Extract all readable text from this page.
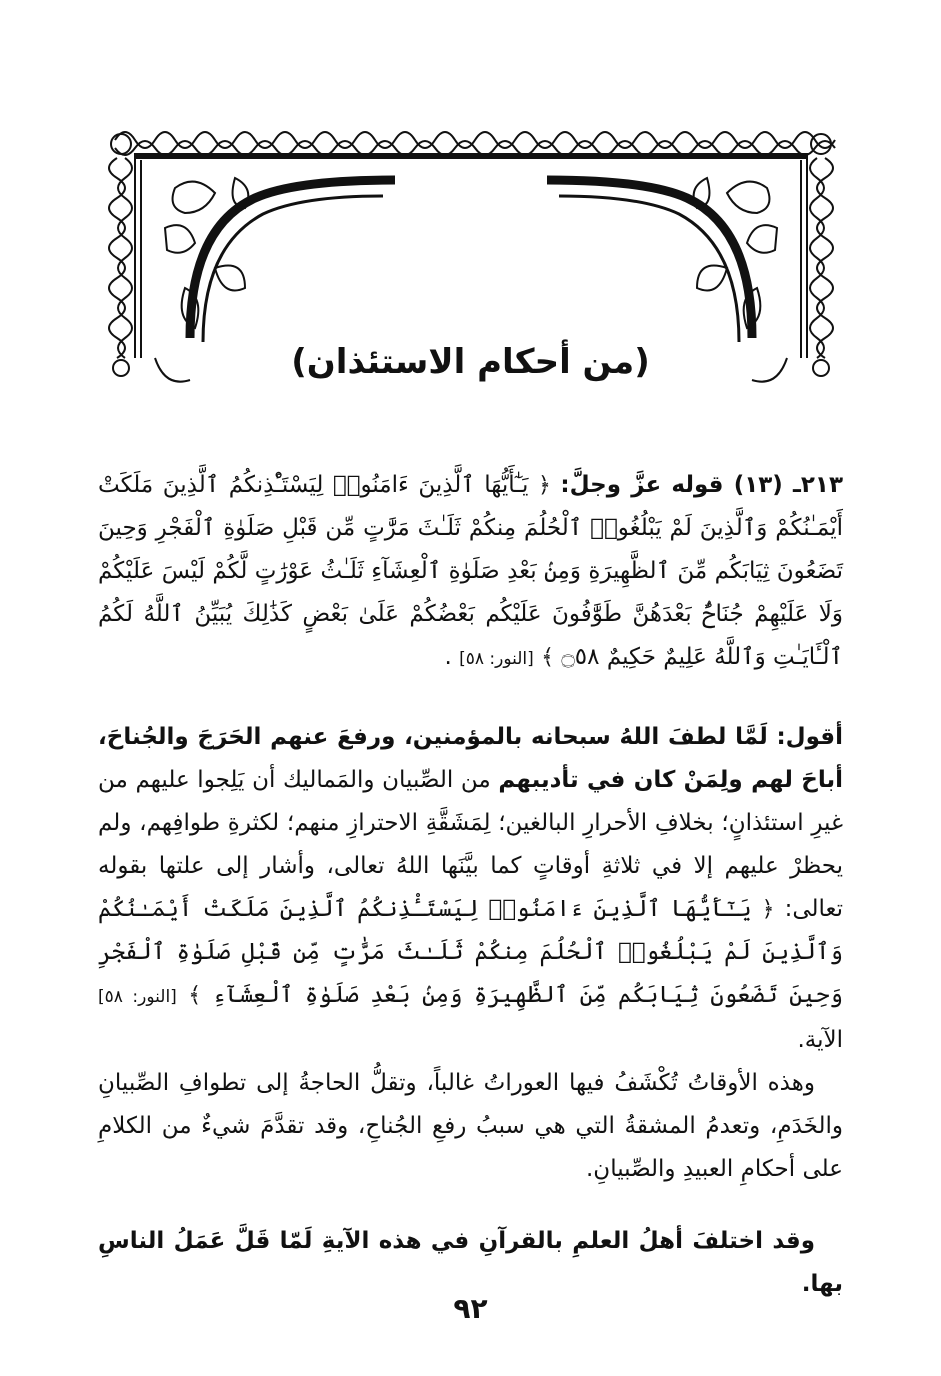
(من أحكام الاستئذان)
٢١٣ـ (١٣) قوله عزَّ وجلَّ: ﴿ يَـٰٓأَيُّهَا ٱلَّذِينَ ءَامَنُوا۟ لِيَسْتَـْٔذِنكُمُ ٱلَّذِينَ مَلَكَتْ أَيْمَـٰنُكُمْ وَٱلَّذِينَ لَمْ يَبْلُغُوا۟ ٱلْحُلُمَ مِنكُمْ ثَلَـٰثَ مَرَّٰتٍ مِّن قَبْلِ صَلَوٰةِ ٱلْفَجْرِ وَحِينَ تَضَعُونَ ثِيَابَكُم مِّنَ ٱلظَّهِيرَةِ وَمِنۢ بَعْدِ صَلَوٰةِ ٱلْعِشَآءِ ثَلَـٰثُ عَوْرَٰتٍ لَّكُمْ لَيْسَ عَلَيْكُمْ وَلَا عَلَيْهِمْ جُنَاحٌۢ بَعْدَهُنَّ طَوَّٰفُونَ عَلَيْكُم بَعْضُكُمْ عَلَىٰ بَعْضٍ كَذَٰلِكَ يُبَيِّنُ ٱللَّهُ لَكُمُ ٱلْـَٔايَـٰتِ وَٱللَّهُ عَلِيمٌ حَكِيمٌ ۝٥٨ ﴾ [النور: ٥٨] .
أقول: لَمَّا لطفَ اللهُ سبحانه بالمؤمنين، ورفعَ عنهم الحَرَجَ والجُناحَ، أباحَ لهم ولِمَنْ كان في تأديبهم من الصِّبيان والمَماليك أن يَلِجوا عليهم من غيرِ استئذانٍ؛ بخلافِ الأحرارِ البالغين؛ لِمَشَقَّةِ الاحترازِ منهم؛ لكثرةِ طوافِهم، ولم يحظرْ عليهم إلا في ثلاثةِ أوقاتٍ كما بيَّنَها اللهُ تعالى، وأشار إلى علتها بقوله تعالى: ﴿ يَـٰٓأَيُّهَا ٱلَّذِينَ ءَامَنُوا۟ لِيَسْتَـْٔذِنكُمُ ٱلَّذِينَ مَلَكَتْ أَيْمَـٰنُكُمْ وَٱلَّذِينَ لَمْ يَبْلُغُوا۟ ٱلْحُلُمَ مِنكُمْ ثَلَـٰثَ مَرَّٰتٍ مِّن قَبْلِ صَلَوٰةِ ٱلْفَجْرِ وَحِينَ تَضَعُونَ ثِيَابَكُم مِّنَ ٱلظَّهِيرَةِ وَمِنۢ بَعْدِ صَلَوٰةِ ٱلْعِشَآءِ ﴾ [النور: ٥٨] الآية.
وهذه الأوقاتُ تُكْشَفُ فيها العوراتُ غالباً، وتقلُّ الحاجةُ إلى تطوافِ الصِّبيانِ والخَدَمِ، وتعدمُ المشقةُ التي هي سببُ رفعِ الجُناحِ، وقد تقدَّمَ شيءٌ من الكلامِ على أحكامِ العبيدِ والصِّبيانِ.
وقد اختلفَ أهلُ العلمِ بالقرآنِ في هذه الآيةِ لَمّا قَلَّ عَمَلُ الناسِ بها.
٩٢
